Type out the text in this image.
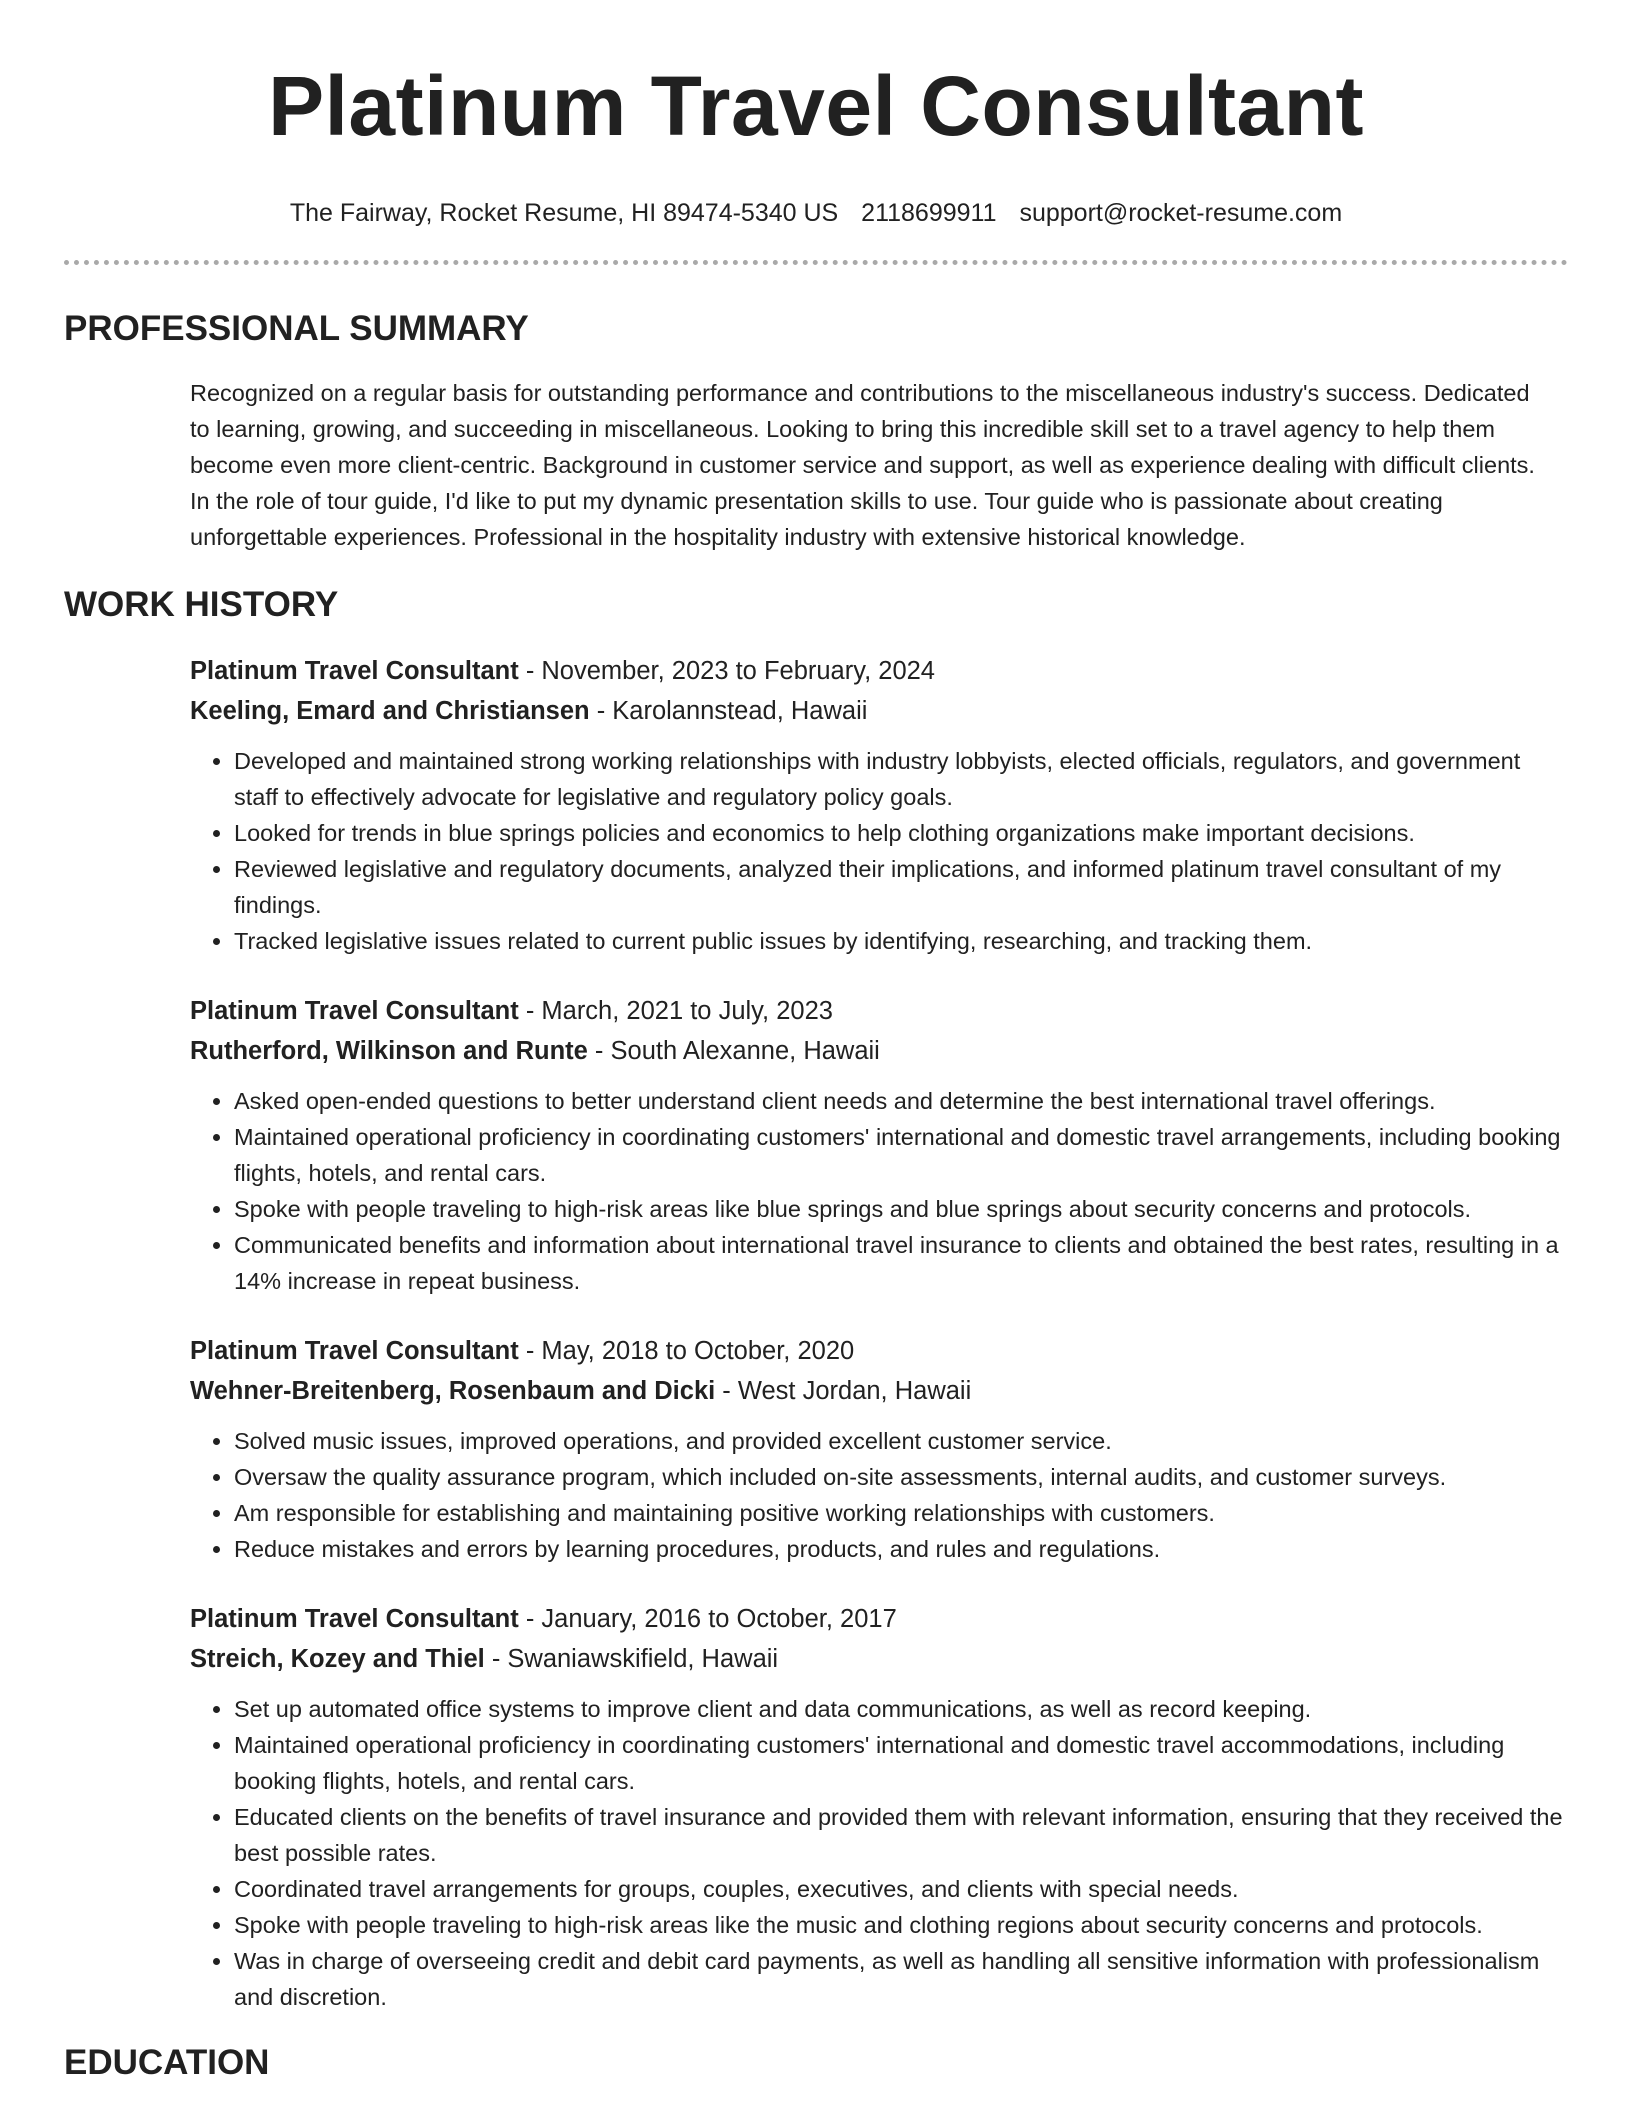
Platinum Travel Consultant
The Fairway, Rocket Resume, HI 89474-5340 US 2118699911 support@rocket-resume.com
PROFESSIONAL SUMMARY
Recognized on a regular basis for outstanding performance and contributions to the miscellaneous industry's success. Dedicated to learning, growing, and succeeding in miscellaneous. Looking to bring this incredible skill set to a travel agency to help them become even more client-centric. Background in customer service and support, as well as experience dealing with difficult clients. In the role of tour guide, I'd like to put my dynamic presentation skills to use. Tour guide who is passionate about creating unforgettable experiences. Professional in the hospitality industry with extensive historical knowledge.
WORK HISTORY
Platinum Travel Consultant - November, 2023 to February, 2024
Keeling, Emard and Christiansen - Karolannstead, Hawaii
• Developed and maintained strong working relationships with industry lobbyists, elected officials, regulators, and government staff to effectively advocate for legislative and regulatory policy goals.
• Looked for trends in blue springs policies and economics to help clothing organizations make important decisions.
• Reviewed legislative and regulatory documents, analyzed their implications, and informed platinum travel consultant of my findings.
• Tracked legislative issues related to current public issues by identifying, researching, and tracking them.
Platinum Travel Consultant - March, 2021 to July, 2023
Rutherford, Wilkinson and Runte - South Alexanne, Hawaii
• Asked open-ended questions to better understand client needs and determine the best international travel offerings.
• Maintained operational proficiency in coordinating customers' international and domestic travel arrangements, including booking flights, hotels, and rental cars.
• Spoke with people traveling to high-risk areas like blue springs and blue springs about security concerns and protocols.
• Communicated benefits and information about international travel insurance to clients and obtained the best rates, resulting in a 14% increase in repeat business.
Platinum Travel Consultant - May, 2018 to October, 2020
Wehner-Breitenberg, Rosenbaum and Dicki - West Jordan, Hawaii
• Solved music issues, improved operations, and provided excellent customer service.
• Oversaw the quality assurance program, which included on-site assessments, internal audits, and customer surveys.
• Am responsible for establishing and maintaining positive working relationships with customers.
• Reduce mistakes and errors by learning procedures, products, and rules and regulations.
Platinum Travel Consultant - January, 2016 to October, 2017
Streich, Kozey and Thiel - Swaniawskifield, Hawaii
• Set up automated office systems to improve client and data communications, as well as record keeping.
• Maintained operational proficiency in coordinating customers' international and domestic travel accommodations, including booking flights, hotels, and rental cars.
• Educated clients on the benefits of travel insurance and provided them with relevant information, ensuring that they received the best possible rates.
• Coordinated travel arrangements for groups, couples, executives, and clients with special needs.
• Spoke with people traveling to high-risk areas like the music and clothing regions about security concerns and protocols.
• Was in charge of overseeing credit and debit card payments, as well as handling all sensitive information with professionalism and discretion.
EDUCATION
